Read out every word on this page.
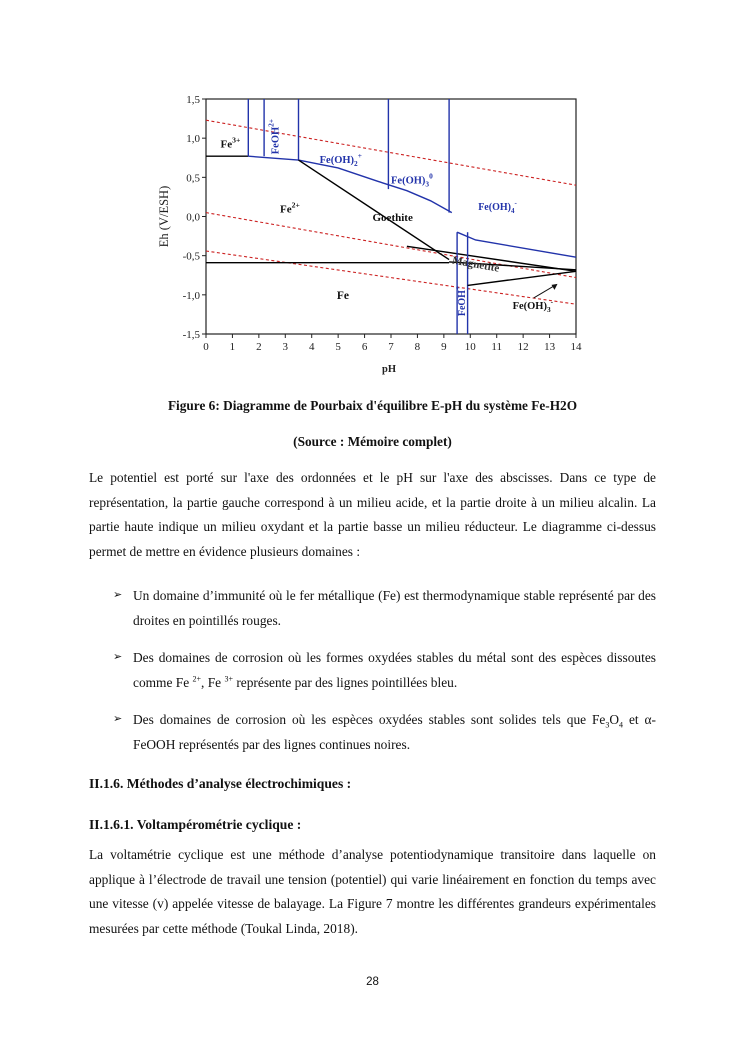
0 1 2 3 4 5 6 7 8 9 10 11 12 13 14
1,5
1,0
0,5
0,0
-0,5
-1,0
-1,5
pH
Eh (V/ESH)
$Fe^{3+}$	FeOH$^{2+}$
$Fe(OH)_2^+$
$Fe(OH)_3^0$
$Fe(OH)_4^-$
$Fe^{2+}$
Goethite
Magnetite
FeOH+
Fe
$Fe(OH)_3^-$
Figure 6: Diagramme de Pourbaix d'équilibre E-pH du système Fe-H2O
(Source : Mémoire complet)

Le potentiel est porté sur l'axe des ordonnées et le pH sur l'axe des abscisses. Dans ce type de représentation, la partie gauche correspond à un milieu acide, et la partie droite à un milieu alcalin. La partie haute indique un milieu oxydant et la partie basse un milieu réducteur. Le diagramme ci-dessus permet de mettre en évidence plusieurs domaines :

➢ Un domaine d’immunité où le fer métallique (Fe) est thermodynamique stable représenté par des droites en pointillés rouges.
➢ Des domaines de corrosion où les formes oxydées stables du métal sont des espèces dissoutes comme Fe $^{2+}$, Fe $^{3+}$ représente par des lignes pointillées bleu.
➢ Des domaines de corrosion où les espèces oxydées stables sont solides tels que $Fe_3O_4$ et α-FeOOH représentés par des lignes continues noires.

II.1.6. Méthodes d’analyse électrochimiques :

II.1.6.1. Voltampérométrie cyclique :

La voltamétrie cyclique est une méthode d’analyse potentiodynamique transitoire dans laquelle on applique à l’électrode de travail une tension (potentiel) qui varie linéairement en fonction du temps avec une vitesse (v) appelée vitesse de balayage. La Figure 7 montre les différentes grandeurs expérimentales mesurées par cette méthode (Toukal Linda, 2018).

28
